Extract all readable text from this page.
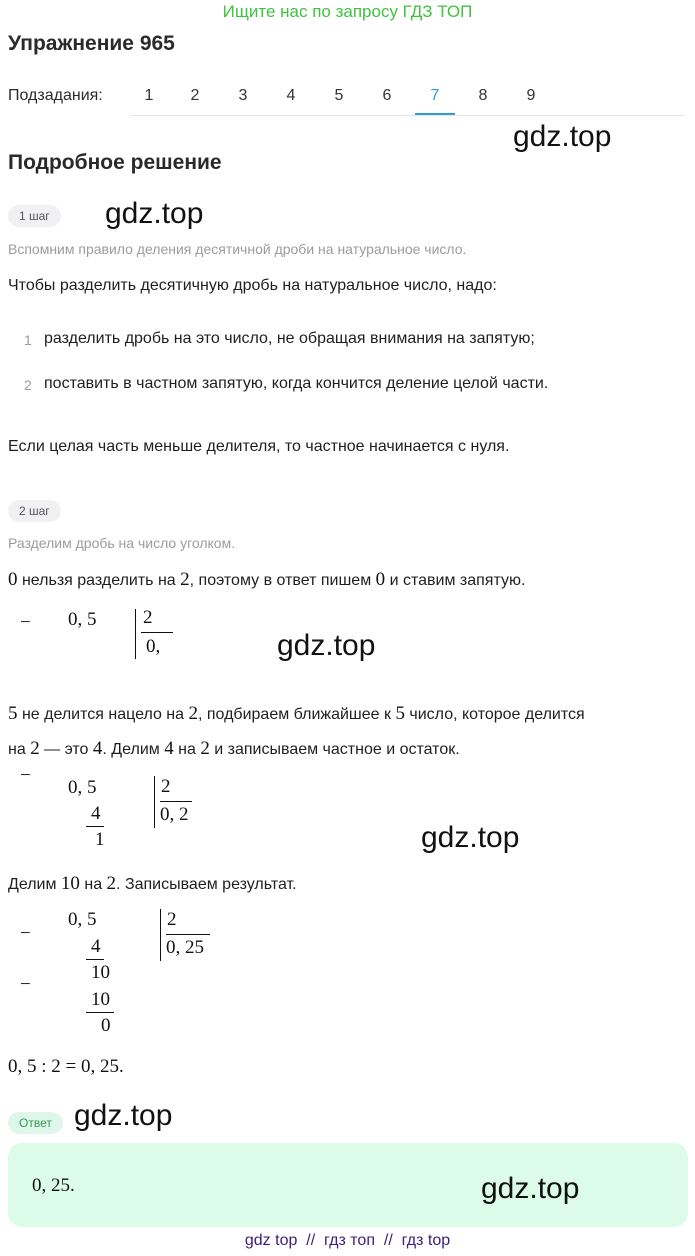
Ищите нас по запросу ГДЗ ТОП
Упражнение 965
Подзадания:	1	2	3	4	5	6	7	8	9
gdz.top
Подробное решение
1 шаг	gdz.top
Вспомним правило деления десятичной дроби на натуральное число.
Чтобы разделить десятичную дробь на натуральное число, надо:
1 разделить дробь на это число, не обращая внимания на запятую;
2 поставить в частном запятую, когда кончится деление целой части.
Если целая часть меньше делителя, то частное начинается с нуля.
2 шаг
Разделим дробь на число уголком.
0 нельзя разделить на 2, поэтому в ответ пишем 0 и ставим запятую.
− 0, 5 2
0,	gdz.top
5 не делится нацело на 2, подбираем ближайшее к 5 число, которое делится
на 2 — это 4. Делим 4 на 2 и записываем частное и остаток.
−
0, 5
4
1
2
0, 2
gdz.top
Делим 10 на 2. Записываем результат.
−
0, 5
4
−
10
10
0
2
0, 25
0, 5 : 2 = 0, 25.
Ответ gdz.top
0, 25.	gdz.top
gdz top  //  гдз топ  //  гдз top
